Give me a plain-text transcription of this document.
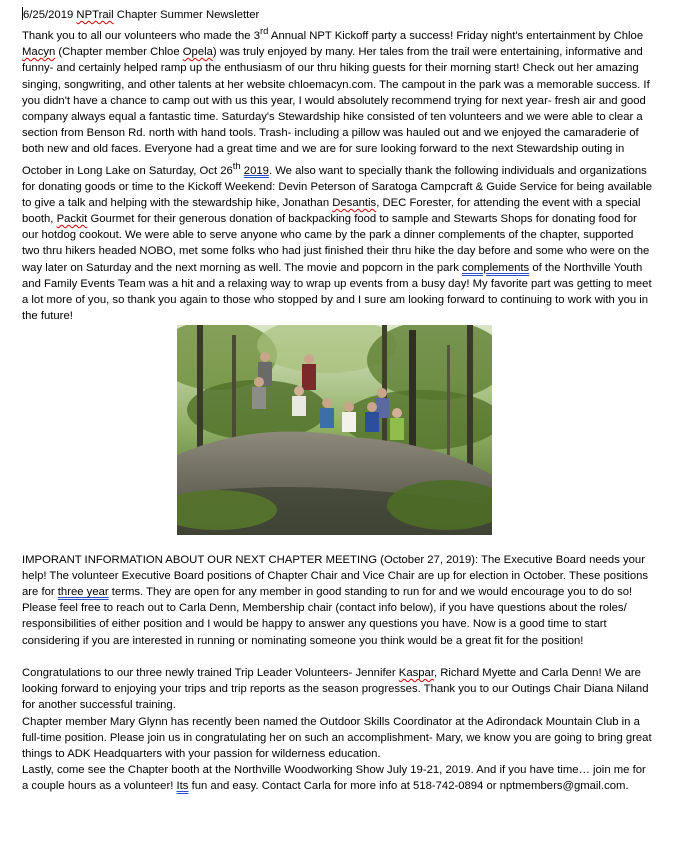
6/25/2019 NPTrail Chapter Summer Newsletter

Thank you to all our volunteers who made the 3rd Annual NPT Kickoff party a success! Friday night's entertainment by Chloe Macyn (Chapter member Chloe Opela) was truly enjoyed by many. Her tales from the trail were entertaining, informative and funny- and certainly helped ramp up the enthusiasm of our thru hiking guests for their morning start! Check out her amazing singing, songwriting, and other talents at her website chloemacyn.com. The campout in the park was a memorable success. If you didn't have a chance to camp out with us this year, I would absolutely recommend trying for next year- fresh air and good company always equal a fantastic time. Saturday's Stewardship hike consisted of ten volunteers and we were able to clear a section from Benson Rd. north with hand tools. Trash- including a pillow was hauled out and we enjoyed the camaraderie of both new and old faces. Everyone had a great time and we are for sure looking forward to the next Stewardship outing in October in Long Lake on Saturday, Oct 26th 2019. We also want to specially thank the following individuals and organizations for donating goods or time to the Kickoff Weekend: Devin Peterson of Saratoga Campcraft & Guide Service for being available to give a talk and helping with the stewardship hike, Jonathan Desantis, DEC Forester, for attending the event with a special booth, Packit Gourmet for their generous donation of backpacking food to sample and Stewarts Shops for donating food for our hotdog cookout. We were able to serve anyone who came by the park a dinner complements of the chapter, supported two thru hikers headed NOBO, met some folks who had just finished their thru hike the day before and some who were on the way later on Saturday and the next morning as well. The movie and popcorn in the park complements of the Northville Youth and Family Events Team was a hit and a relaxing way to wrap up events from a busy day! My favorite part was getting to meet a lot more of you, so thank you again to those who stopped by and I sure am looking forward to continuing to work with you in the future!

IMPORANT INFORMATION ABOUT OUR NEXT CHAPTER MEETING (October 27, 2019): The Executive Board needs your help! The volunteer Executive Board positions of Chapter Chair and Vice Chair are up for election in October. These positions are for three year terms. They are open for any member in good standing to run for and we would encourage you to do so! Please feel free to reach out to Carla Denn, Membership chair (contact info below), if you have questions about the roles/ responsibilities of either position and I would be happy to answer any questions you have. Now is a good time to start considering if you are interested in running or nominating someone you think would be a great fit for the position!

Congratulations to our three newly trained Trip Leader Volunteers- Jennifer Kaspar, Richard Myette and Carla Denn! We are looking forward to enjoying your trips and trip reports as the season progresses. Thank you to our Outings Chair Diana Niland for another successful training.

Chapter member Mary Glynn has recently been named the Outdoor Skills Coordinator at the Adirondack Mountain Club in a full-time position. Please join us in congratulating her on such an accomplishment- Mary, we know you are going to bring great things to ADK Headquarters with your passion for wilderness education.

Lastly, come see the Chapter booth at the Northville Woodworking Show July 19-21, 2019. And if you have time… join me for a couple hours as a volunteer! Its fun and easy. Contact Carla for more info at 518-742-0894 or nptmembers@gmail.com.
